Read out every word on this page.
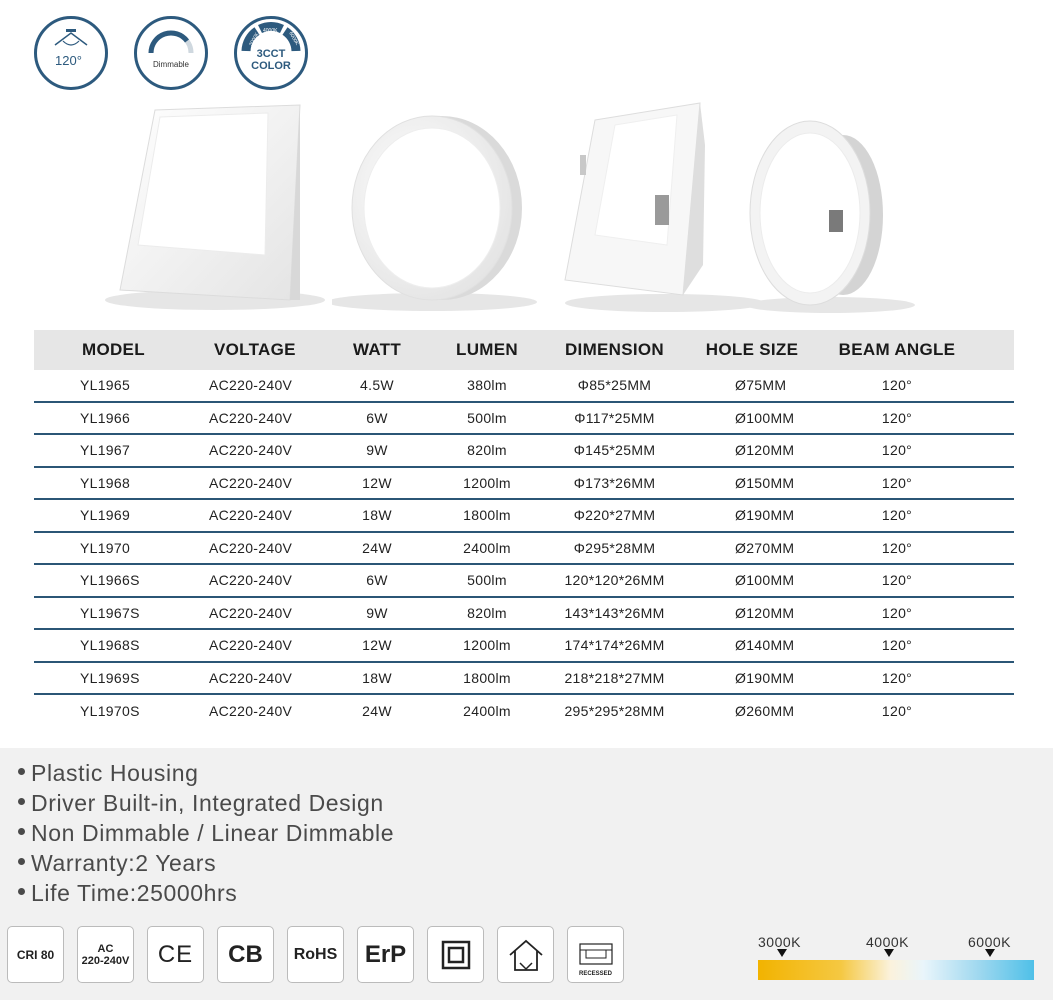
120°	Dimmable
3000K
4000K 6000K
3CCT
COLOR
MODEL	VOLTAGE	WATT	LUMEN	DIMENSION	HOLE SIZE	BEAM ANGLE
YL1965	AC220-240V	4.5W	380lm	Φ85*25MM	Ø75MM	120°
YL1966	AC220-240V	6W	500lm	Φ117*25MM	Ø100MM	120°
YL1967	AC220-240V	9W	820lm	Φ145*25MM	Ø120MM	120°
YL1968	AC220-240V	12W	1200lm	Φ173*26MM	Ø150MM	120°
YL1969	AC220-240V	18W	1800lm	Φ220*27MM	Ø190MM	120°
YL1970	AC220-240V	24W	2400lm	Φ295*28MM	Ø270MM	120°
YL1966S	AC220-240V	6W	500lm	120*120*26MM	Ø100MM	120°
YL1967S	AC220-240V	9W	820lm	143*143*26MM	Ø120MM	120°
YL1968S	AC220-240V	12W	1200lm	174*174*26MM	Ø140MM	120°
YL1969S	AC220-240V	18W	1800lm	218*218*27MM	Ø190MM	120°
YL1970S	AC220-240V	24W	2400lm	295*295*28MM	Ø260MM	120°
Plastic Housing
Driver Built-in, Integrated Design
Non Dimmable / Linear Dimmable
Warranty:2 Years
Life Time:25000hrs
CRI 80	AC
220-240V	CE	CB	RoHS	ErP
RECESSED
3000K	4000K	6000K
